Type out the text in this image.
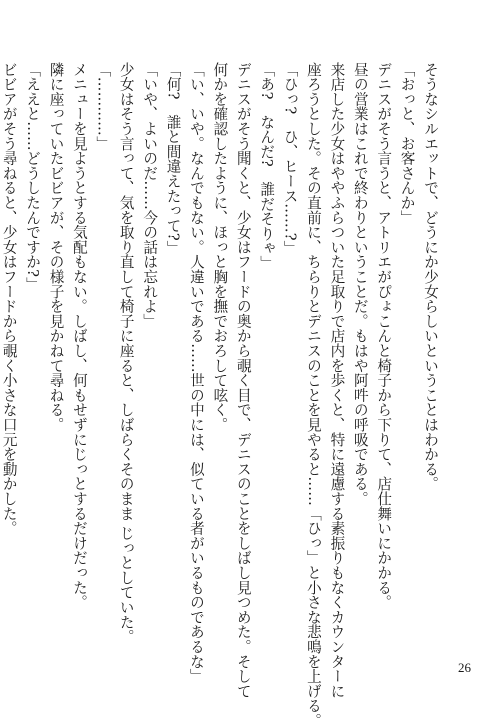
そうなシルエットで、どうにか少女らしいということはわかる。
「おっと、お客さんか」
デニスがそう言うと、アトリエがぴょこんと椅子から下りて、店仕舞いにかかる。
昼の営業はこれで終わりということだ。もはや阿吽の呼吸である。
来店した少女はややふらついた足取りで店内を歩くと、特に遠慮する素振りもなくカウンターに
座ろうとした。その直前に、ちらりとデニスのことを見やると……「ひっ」と小さな悲鳴を上げる。
「ひっ?　ひ、ヒース……?」
「あ?　なんだ?　誰だそりゃ」
デニスがそう聞くと、少女はフードの奥から覗く目で、デニスのことをしばし見つめた。そして
何かを確認したように、ほっと胸を撫でおろして呟く。
「い、いや。なんでもない。人違いである……世の中には、似ている者がいるものであるな」
「何?　誰と間違えたって?」
「いや、よいのだ……今の話は忘れよ」
少女はそう言って、気を取り直して椅子に座ると、しばらくそのまま じっとしていた。
「…………」
メニューを見ようとする気配もない。しばし、何もせずにじっとするだけだった。
隣に座っていたビビアが、その様子を見かねて尋ねる。
「ええと……どうしたんですか?」
ビビアがそう尋ねると、少女はフードから覗く小さな口元を動かした。
26
